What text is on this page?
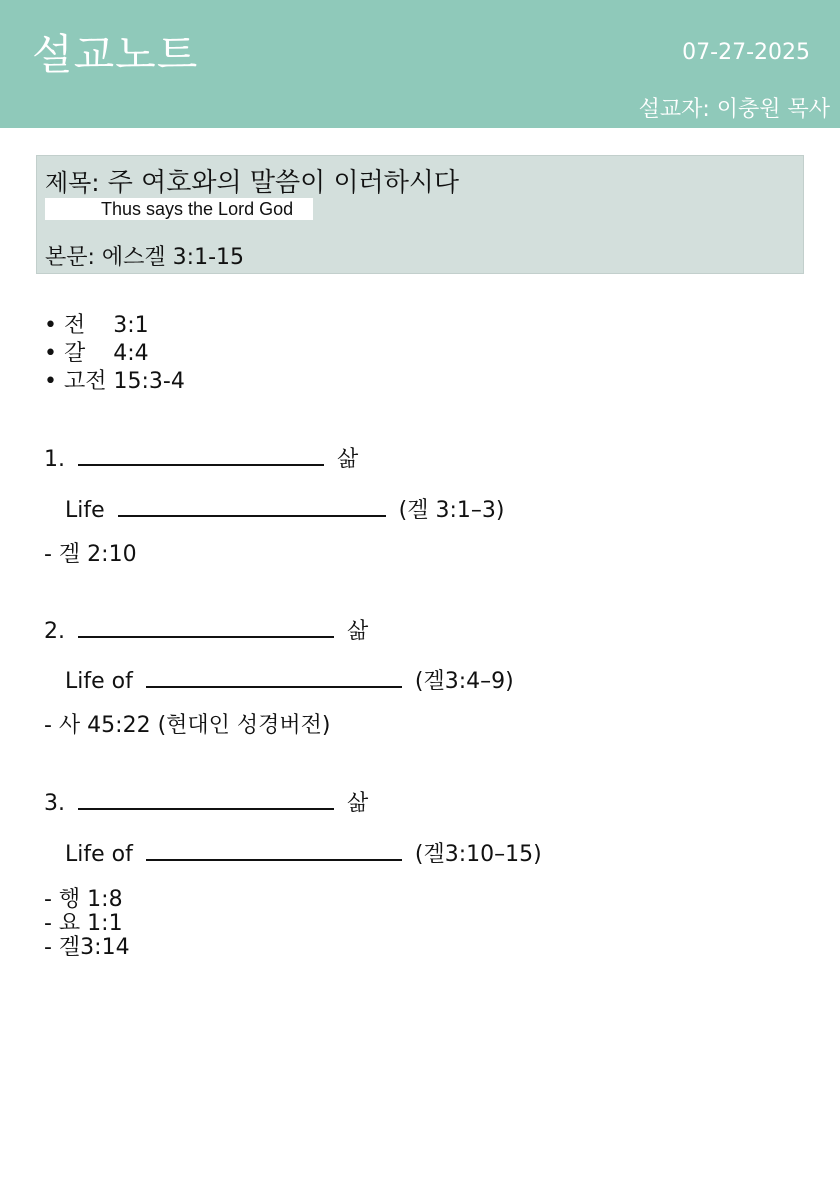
설교노트	07-27-2025
설교자: 이충원 목사
제목: 주 여호와의 말씀이 이러하시다
Thus says the Lord God
본문: 에스겔 3:1-15
• 전    3:1
• 갈    4:4
• 고전 15:3-4
1.	삶
Life	(겔 3:1–3)
- 겔 2:10
2.	삶
Life of	(겔3:4–9)
- 사 45:22 (현대인 성경버전)
3.	삶
Life of	(겔3:10–15)
- 행 1:8
- 요 1:1
- 겔3:14
